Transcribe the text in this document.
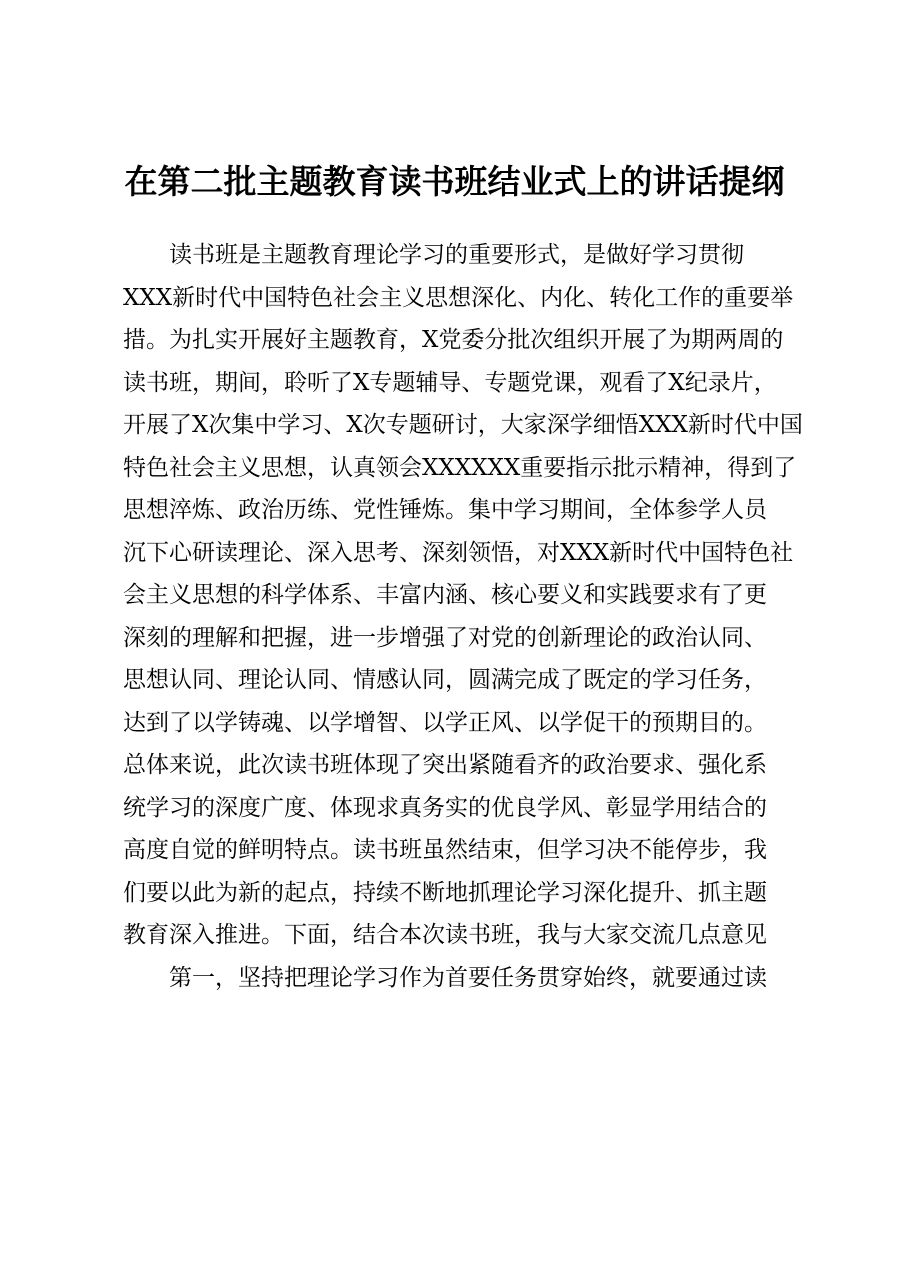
在第二批主题教育读书班结业式上的讲话提纲
读书班是主题教育理论学习的重要形式，是做好学习贯彻
XXX新时代中国特色社会主义思想深化、内化、转化工作的重要举
措。为扎实开展好主题教育，X党委分批次组织开展了为期两周的
读书班，期间，聆听了X专题辅导、专题党课，观看了X纪录片，
开展了X次集中学习、X次专题研讨，大家深学细悟XXX新时代中国
特色社会主义思想，认真领会XXXXXX重要指示批示精神，得到了
思想淬炼、政治历练、党性锤炼。集中学习期间，全体参学人员
沉下心研读理论、深入思考、深刻领悟，对XXX新时代中国特色社
会主义思想的科学体系、丰富内涵、核心要义和实践要求有了更
深刻的理解和把握，进一步增强了对党的创新理论的政治认同、
思想认同、理论认同、情感认同，圆满完成了既定的学习任务，
达到了以学铸魂、以学增智、以学正风、以学促干的预期目的。
总体来说，此次读书班体现了突出紧随看齐的政治要求、强化系
统学习的深度广度、体现求真务实的优良学风、彰显学用结合的
高度自觉的鲜明特点。读书班虽然结束，但学习决不能停步，我
们要以此为新的起点，持续不断地抓理论学习深化提升、抓主题
教育深入推进。下面，结合本次读书班，我与大家交流几点意见
第一，坚持把理论学习作为首要任务贯穿始终，就要通过读
